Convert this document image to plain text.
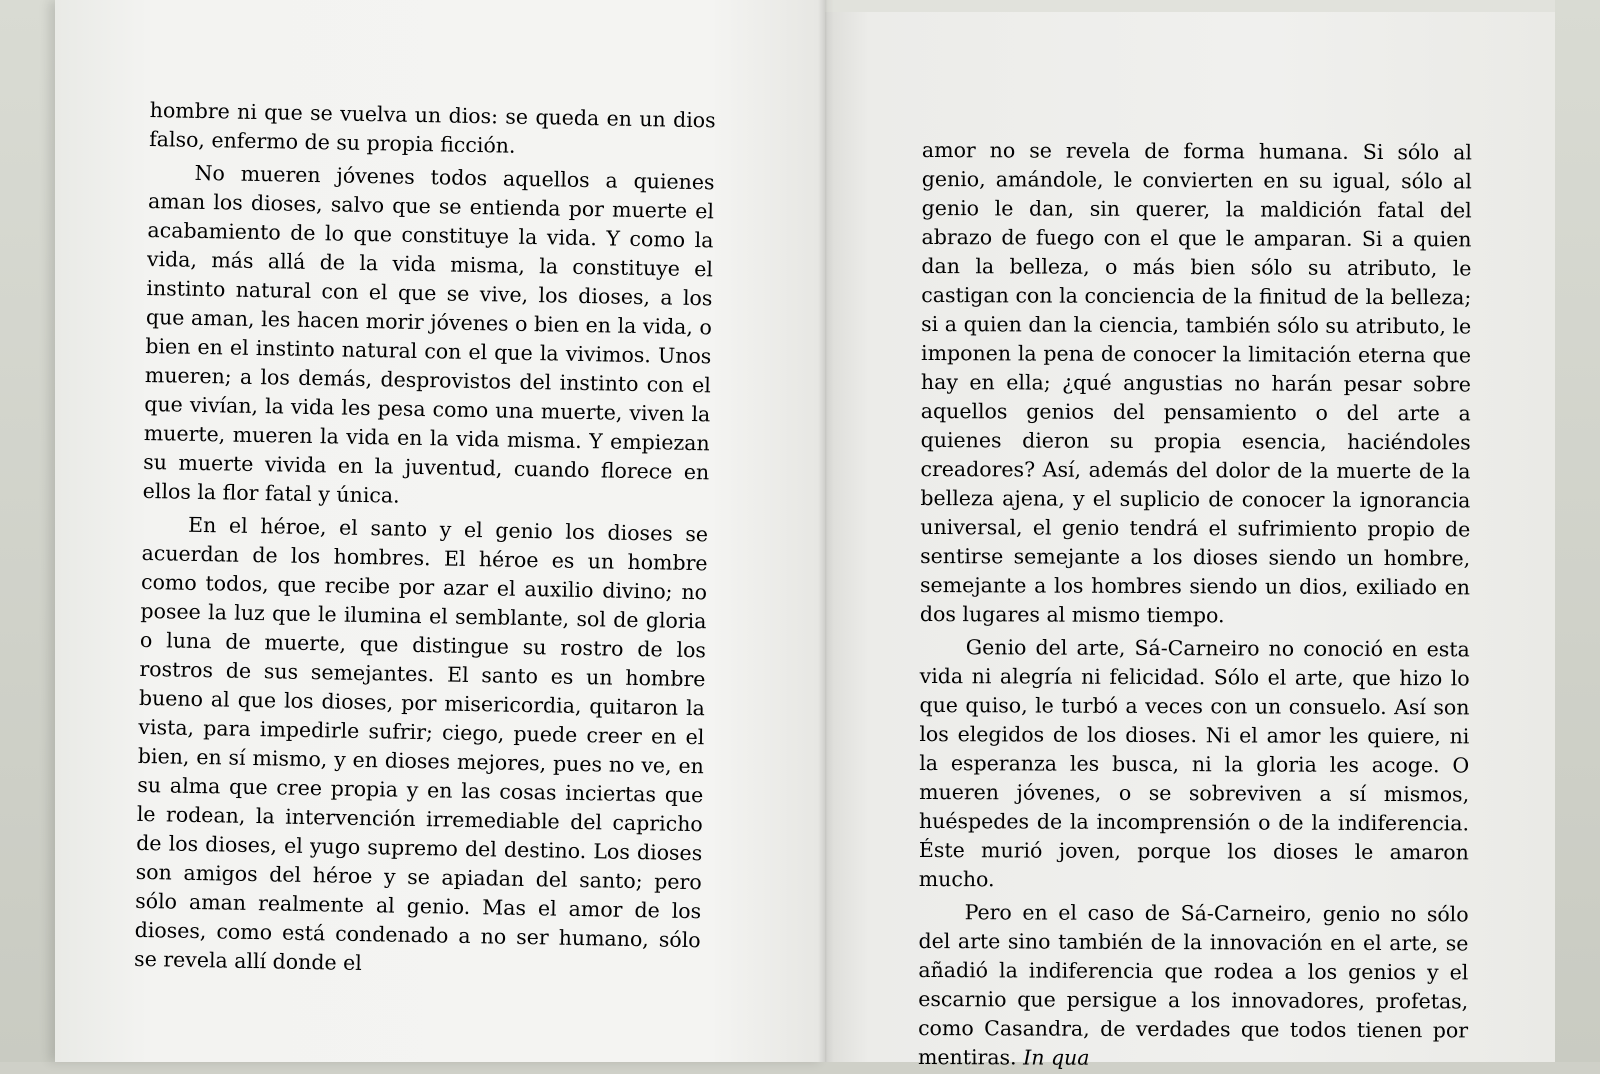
hombre ni que se vuelva un dios: se queda en un dios falso, enfermo de su propia ficción.

No mueren jóvenes todos aquellos a quienes aman los dioses, salvo que se entienda por muerte el acabamiento de lo que constituye la vida. Y como la vida, más allá de la vida misma, la constituye el instinto natural con el que se vive, los dioses, a los que aman, les hacen morir jóvenes o bien en la vida, o bien en el instinto natural con el que la vivimos. Unos mueren; a los demás, desprovistos del instinto con el que vivían, la vida les pesa como una muerte, viven la muerte, mueren la vida en la vida misma. Y empiezan su muerte vivida en la juventud, cuando florece en ellos la flor fatal y única.

En el héroe, el santo y el genio los dioses se acuerdan de los hombres. El héroe es un hombre como todos, que recibe por azar el auxilio divino; no posee la luz que le ilumina el semblante, sol de gloria o luna de muerte, que distingue su rostro de los rostros de sus semejantes. El santo es un hombre bueno al que los dioses, por misericordia, quitaron la vista, para impedirle sufrir; ciego, puede creer en el bien, en sí mismo, y en dioses mejores, pues no ve, en su alma que cree propia y en las cosas inciertas que le rodean, la intervención irremediable del capricho de los dioses, el yugo supremo del destino. Los dioses son amigos del héroe y se apiadan del santo; pero sólo aman realmente al genio. Mas el amor de los dioses, como está condenado a no ser humano, sólo se revela allí donde el

amor no se revela de forma humana. Si sólo al genio, amándole, le convierten en su igual, sólo al genio le dan, sin querer, la maldición fatal del abrazo de fuego con el que le amparan. Si a quien dan la belleza, o más bien sólo su atributo, le castigan con la conciencia de la finitud de la belleza; si a quien dan la ciencia, también sólo su atributo, le imponen la pena de conocer la limitación eterna que hay en ella; ¿qué angustias no harán pesar sobre aquellos genios del pensamiento o del arte a quienes dieron su propia esencia, haciéndoles creadores? Así, además del dolor de la muerte de la belleza ajena, y el suplicio de conocer la ignorancia universal, el genio tendrá el sufrimiento propio de sentirse semejante a los dioses siendo un hombre, semejante a los hombres siendo un dios, exiliado en dos lugares al mismo tiempo.

Genio del arte, Sá-Carneiro no conoció en esta vida ni alegría ni felicidad. Sólo el arte, que hizo lo que quiso, le turbó a veces con un consuelo. Así son los elegidos de los dioses. Ni el amor les quiere, ni la esperanza les busca, ni la gloria les acoge. O mueren jóvenes, o se sobreviven a sí mismos, huéspedes de la incomprensión o de la indiferencia. Éste murió joven, porque los dioses le amaron mucho.

Pero en el caso de Sá-Carneiro, genio no sólo del arte sino también de la innovación en el arte, se añadió la indiferencia que rodea a los genios y el escarnio que persigue a los innovadores, profetas, como Casandra, de verdades que todos tienen por mentiras. In qua
